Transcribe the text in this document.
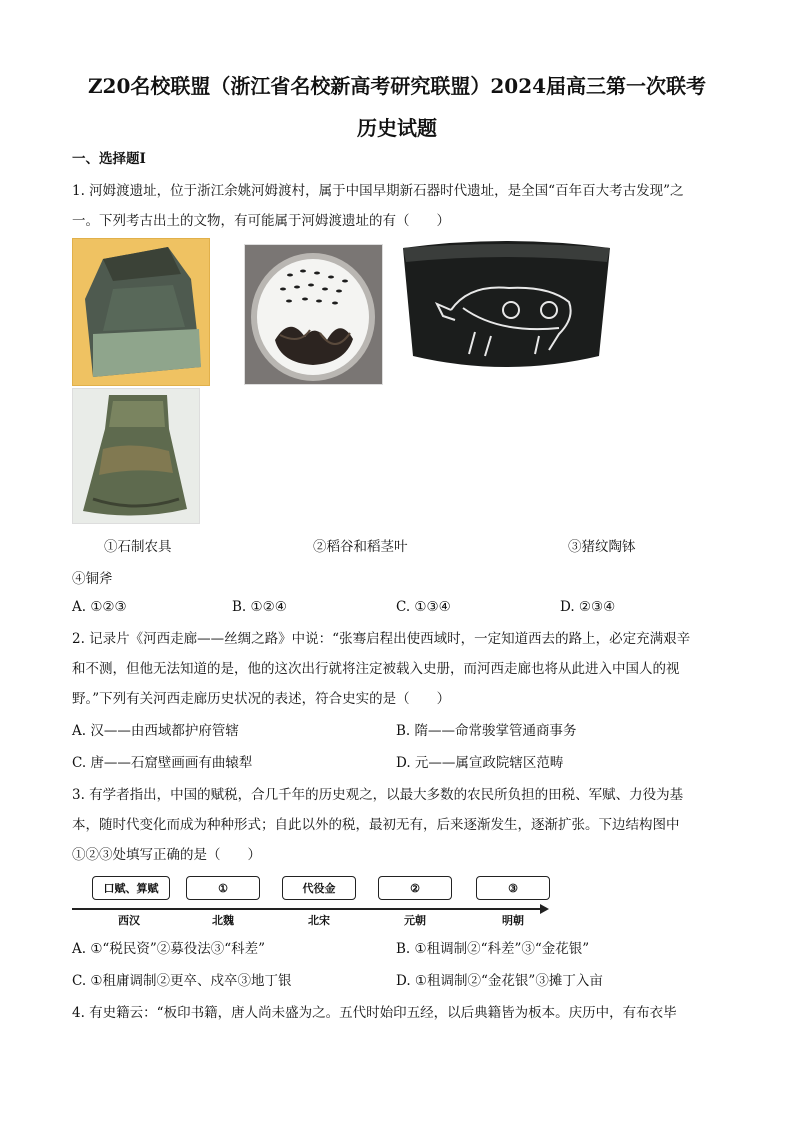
Z20名校联盟（浙江省名校新高考研究联盟）2024届高三第一次联考
历史试题
一、选择题Ⅰ
1. 河姆渡遗址，位于浙江余姚河姆渡村，属于中国早期新石器时代遗址，是全国“百年百大考古发现”之
一。下列考古出土的文物，有可能属于河姆渡遗址的有（　　）
①石制农具	②稻谷和稻茎叶	③猪纹陶钵
④铜斧
A. ①②③	B. ①②④	C. ①③④	D. ②③④
2. 记录片《河西走廊——丝绸之路》中说：“张骞启程出使西域时，一定知道西去的路上，必定充满艰辛
和不测，但他无法知道的是，他的这次出行就将注定被载入史册，而河西走廊也将从此进入中国人的视
野。”下列有关河西走廊历史状况的表述，符合史实的是（　　）
A. 汉——由西域都护府管辖	B. 隋——命常骏掌管通商事务
C. 唐——石窟壁画画有曲辕犁	D. 元——属宣政院辖区范畴
3. 有学者指出，中国的赋税，合几千年的历史观之，以最大多数的农民所负担的田税、军赋、力役为基
本，随时代变化而成为种种形式；自此以外的税，最初无有，后来逐渐发生，逐渐扩张。下边结构图中
①②③处填写正确的是（　　）
口赋、算赋	①	代役金	②	③
西汉	北魏	北宋	元朝	明朝
A. ①“税民资”②募役法③“科差”	B. ①租调制②“科差”③“金花银”
C. ①租庸调制②更卒、戍卒③地丁银	D. ①租调制②“金花银”③摊丁入亩
4. 有史籍云：“板印书籍，唐人尚未盛为之。五代时始印五经，以后典籍皆为板本。庆历中，有布衣毕
